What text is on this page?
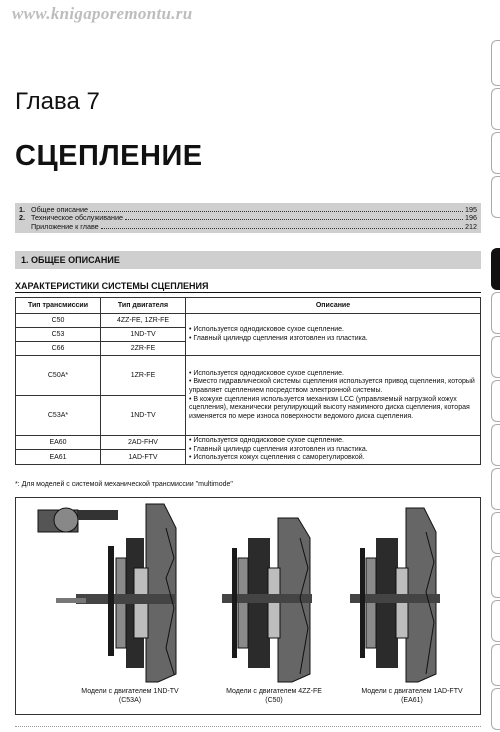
www.knigaporemontu.ru
Глава 7
СЦЕПЛЕНИЕ
1. Общее описание	195
2. Техническое обслуживание	196
Приложение к главе	212
1. ОБЩЕЕ ОПИСАНИЕ
ХАРАКТЕРИСТИКИ СИСТЕМЫ СЦЕПЛЕНИЯ
Тип трансмиссии	Тип двигателя	Описание
C50	4ZZ-FE, 1ZR-FE	• Используется однодисковое сухое сцепление.
• Главный цилиндр сцепления изготовлен из пластика.

C53	1ND-TV	
C66	2ZR-FE	
C50A*	1ZR-FE	• Используется однодисковое сухое сцепление.
• Вместо гидравлической системы сцепления используется привод сцепления, который управляет сцеплением посредством электронной системы.
• В кожухе сцепления используется механизм LCC (управляемый нагрузкой кожух сцепления), механически регулирующий высоту нажимного диска сцепления, которая изменяется по мере износа поверхности ведомого диска сцепления.

C53A*	1ND-TV	
EA60	2AD-FHV	• Используется однодисковое сухое сцепление.
• Главный цилиндр сцепления изготовлен из пластика.
• Используется кожух сцепления с саморегулировкой.

EA61	1AD-FTV	
*: Для моделей с системой механической трансмиссии "multimode"
Модели с двигателем 1ND-TV
(C53A)
Модели с двигателем 4ZZ-FE
(C50)
Модели с двигателем 1AD-FTV
(EA61)
